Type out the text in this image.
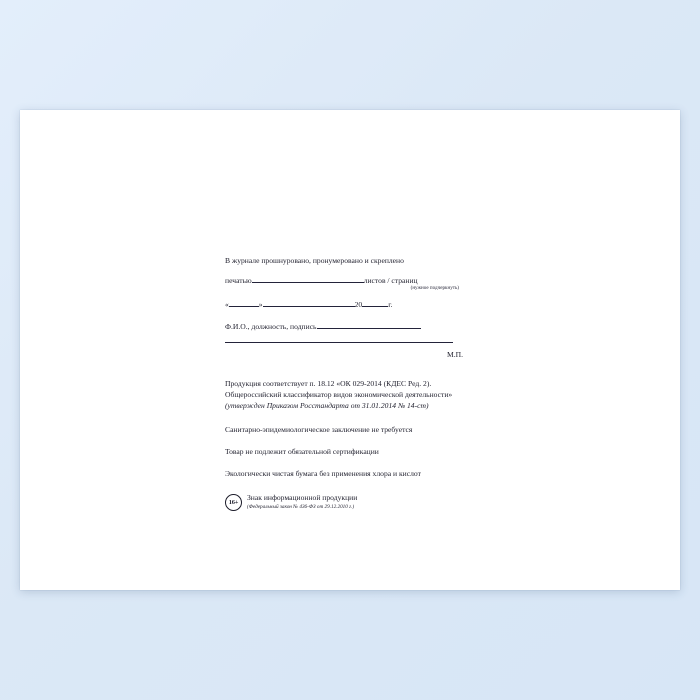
В журнале прошнуровано, пронумеровано и скреплено
печатью	листов / страниц
(нужное подчеркнуть)
«	»	20	г.
Ф.И.О., должность, подпись
М.П.

Продукция соответствует п. 18.12 «ОК 029-2014 (КДЕС Ред. 2).

Общероссийский классификатор видов экономической деятельности»

(утвержден Приказом Росстандарта от 31.01.2014 № 14-ст)

Санитарно-эпидемиологическое заключение не требуется
Товар не подлежит обязательной сертификации
Экологически чистая бумага без применения хлора и кислот
16+	Знак информационной продукции
(Федеральный закон № 436-ФЗ от 29.12.2010 г.)
